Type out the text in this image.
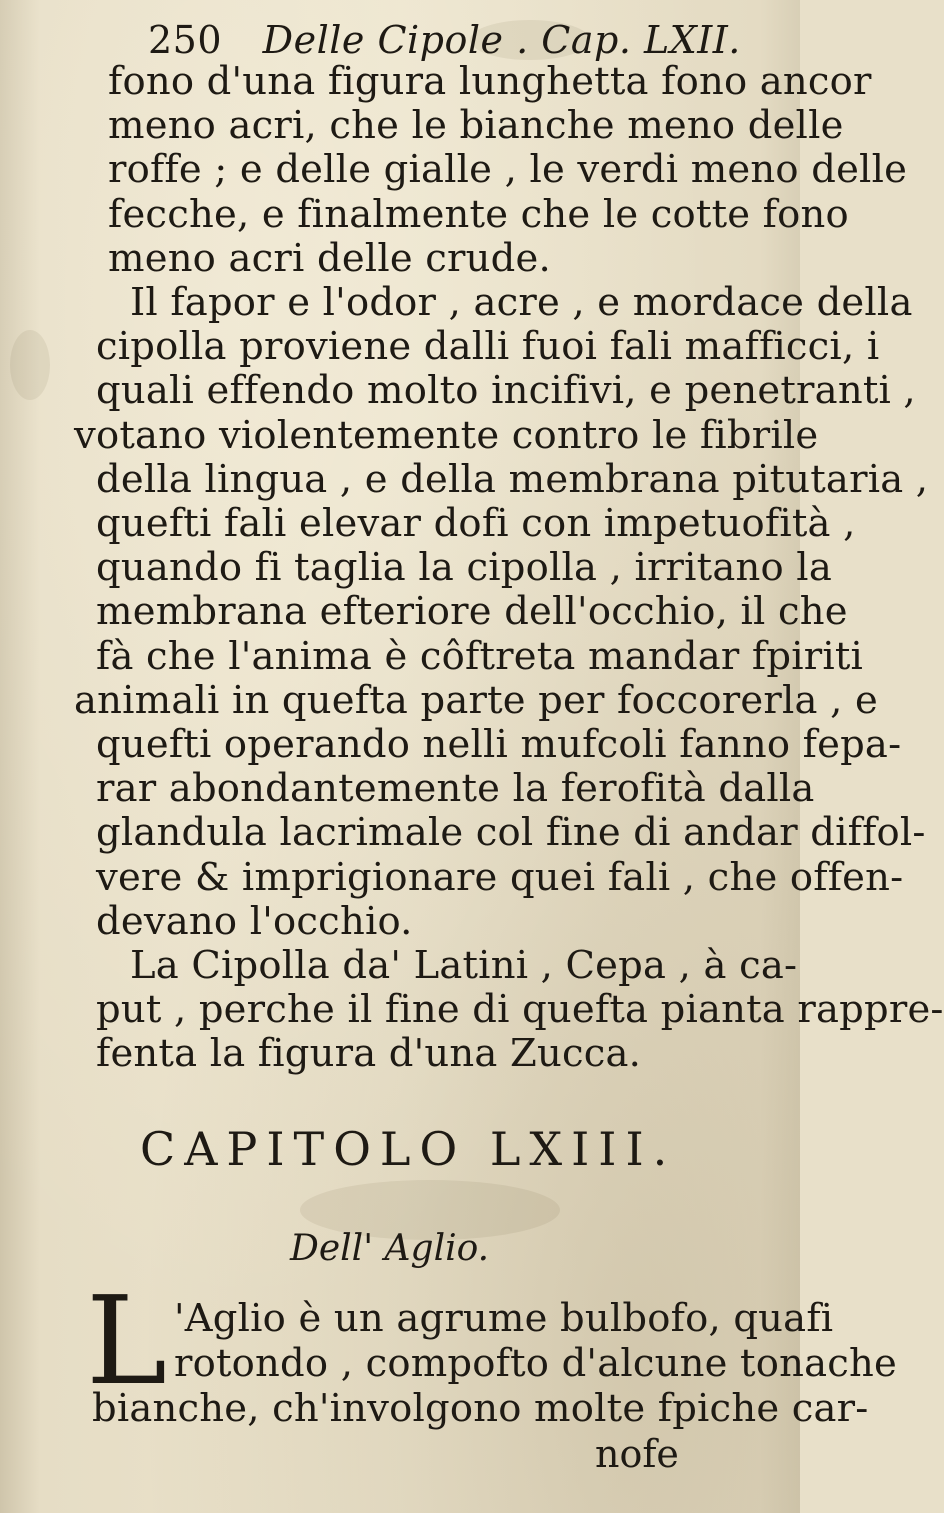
250 Delle Cipole . Cap. LXII.
fono d'una figura lunghetta fono ancor
meno acri, che le bianche meno delle
roffe ; e delle gialle , le verdi meno delle
fecche, e finalmente che le cotte fono
meno acri delle crude.
Il fapor e l'odor , acre , e mordace della
cipolla proviene dalli fuoi fali mafficci, i
quali effendo molto incifivi, e penetranti ,
votano violentemente contro le fibrile
della lingua , e della membrana pitutaria ,
quefti fali elevar dofi con impetuofità ,
quando fi taglia la cipolla , irritano la
membrana efteriore dell'occhio, il che
fà che l'anima è côftreta mandar fpiriti
animali in quefta parte per foccorerla , e
quefti operando nelli mufcoli fanno fepa-
rar abondantemente la ferofità dalla
glandula lacrimale col fine di andar diffol-
vere & imprigionare quei fali , che offen-
devano l'occhio.
La Cipolla da' Latini , Cepa , à ca-
put , perche il fine di quefta pianta rappre-
fenta la figura d'una Zucca.
CAPITOLO LXIII.
Dell' Aglio.
L 'Aglio è un agrume bulbofo, quafi
rotondo , compofto d'alcune tonache
bianche, ch'involgono molte fpiche car-
nofe
